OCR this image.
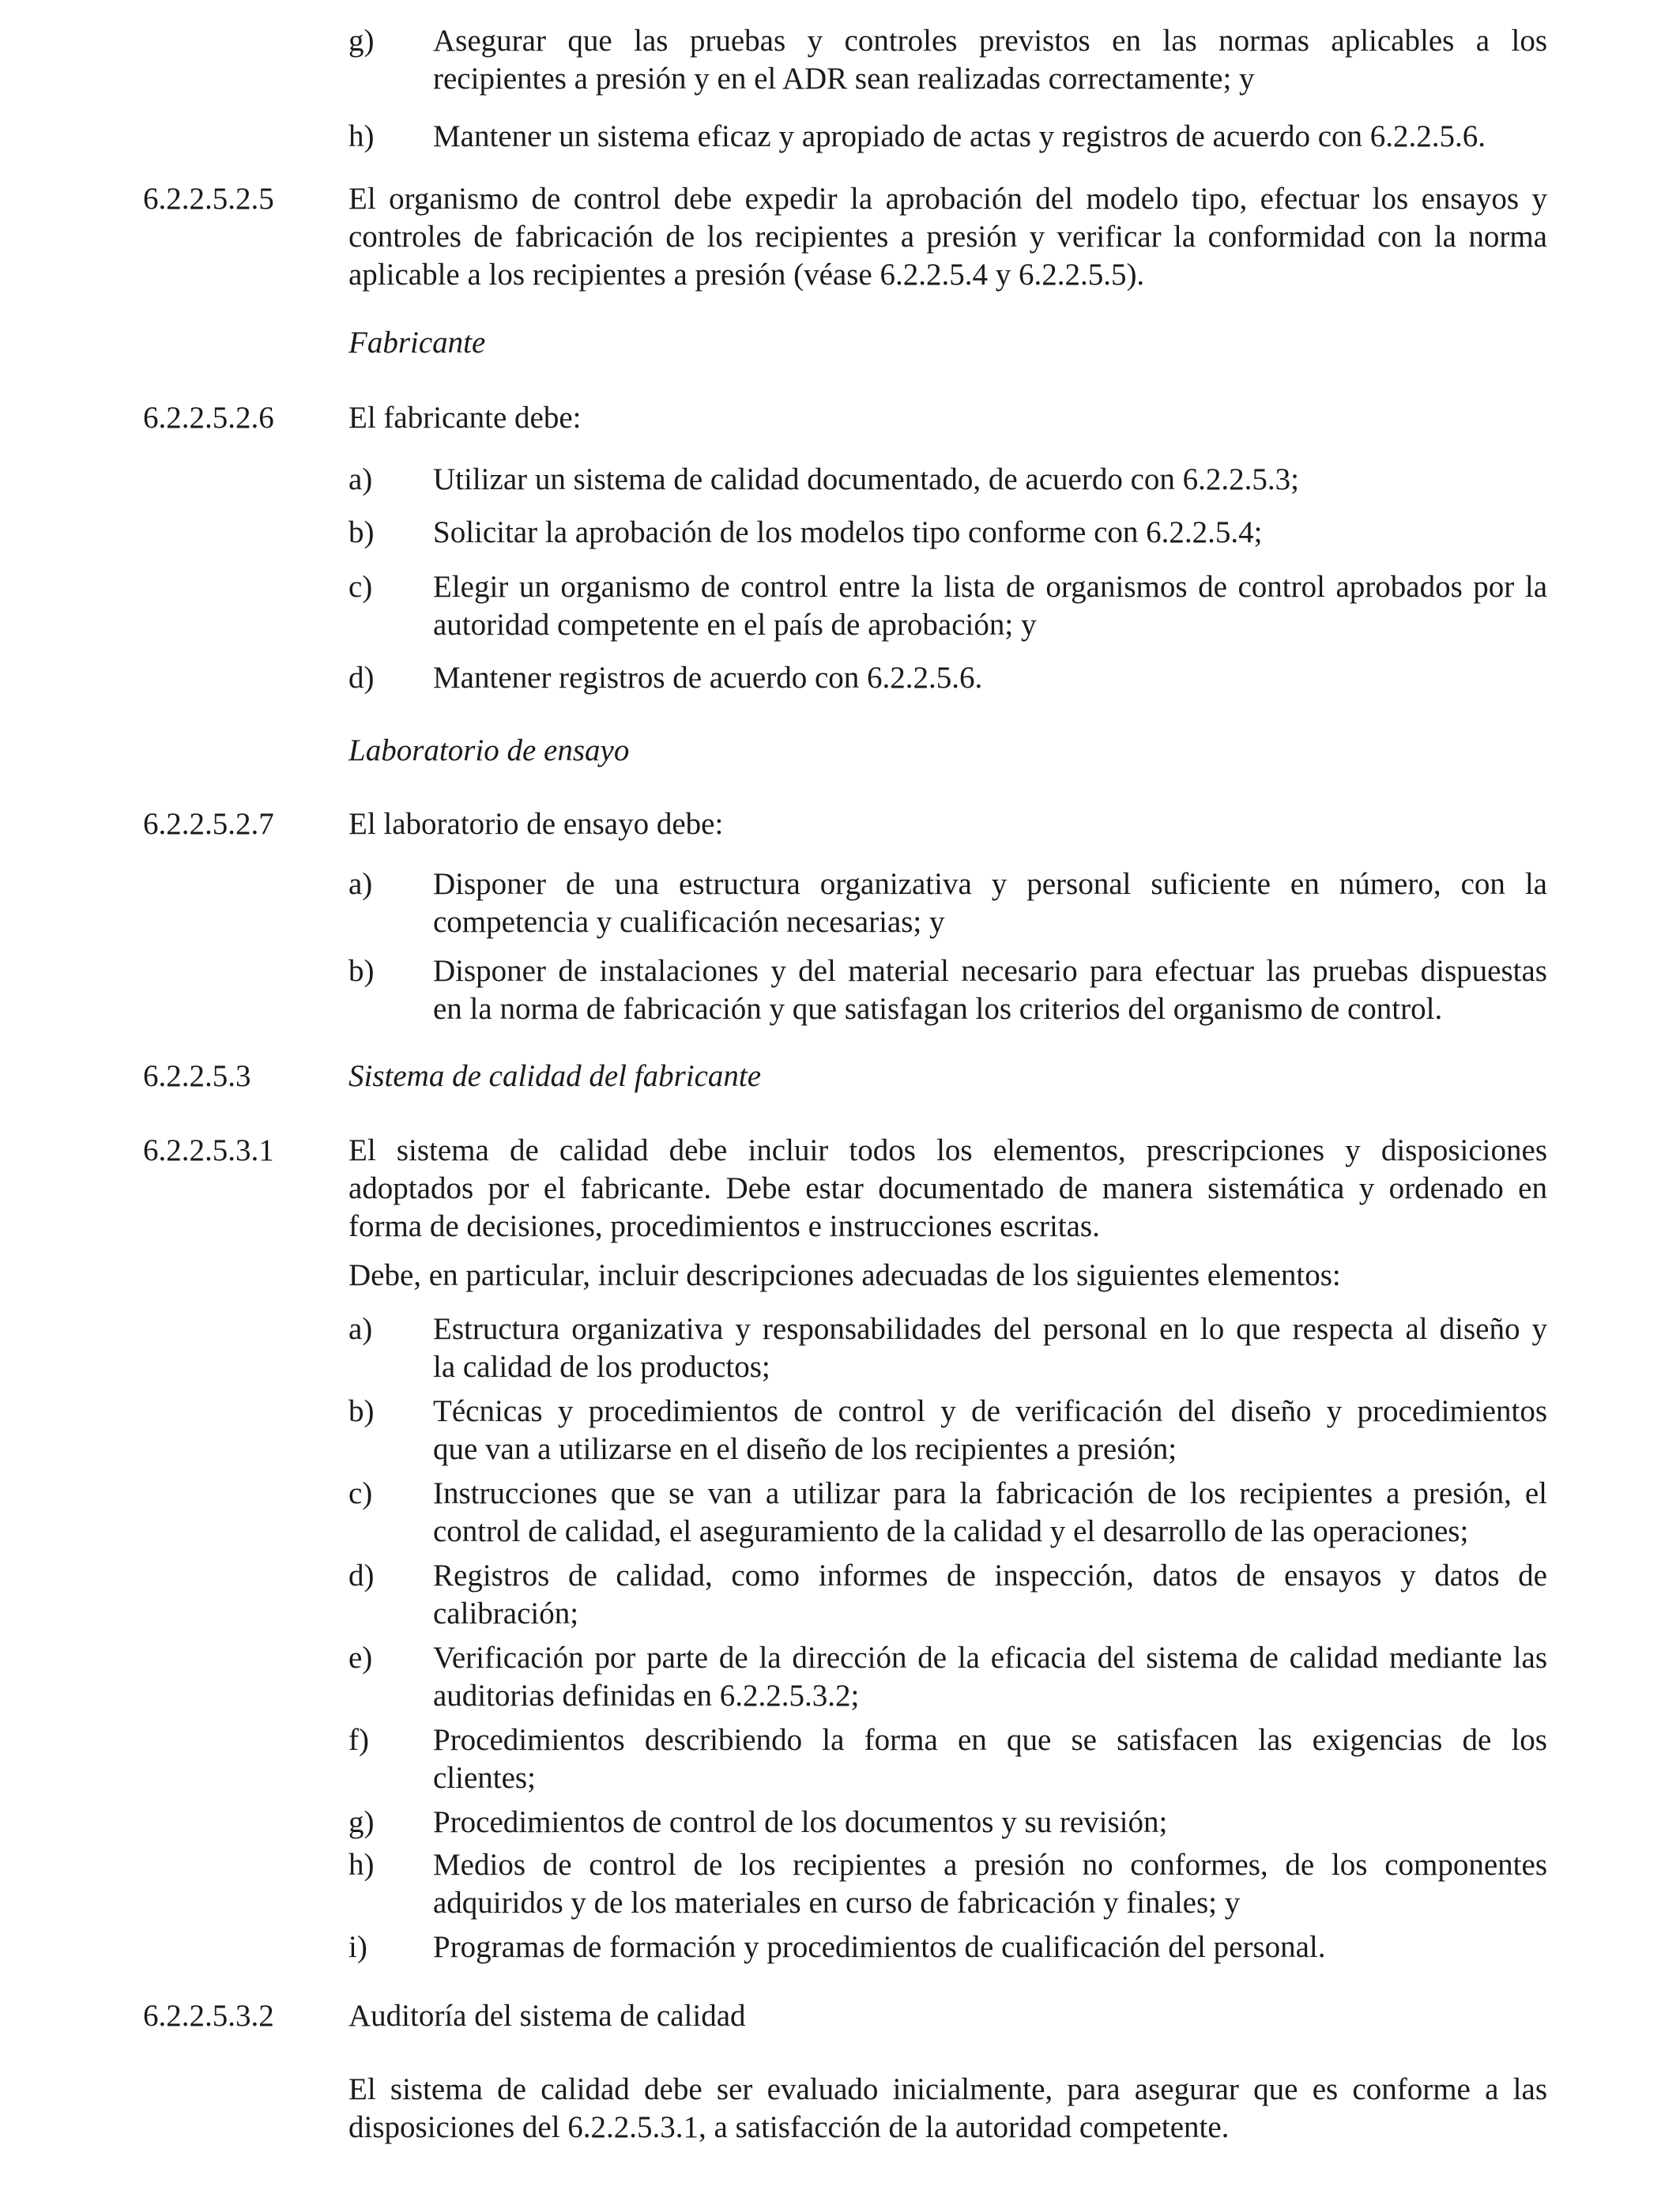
g) Asegurar que las pruebas y controles previstos en las normas aplicables a los
recipientes a presión y en el ADR sean realizadas correctamente; y
h) Mantener un sistema eficaz y apropiado de actas y registros de acuerdo con 6.2.2.5.6.
6.2.2.5.2.5 El organismo de control debe expedir la aprobación del modelo tipo, efectuar los ensayos y
controles de fabricación de los recipientes a presión y verificar la conformidad con la norma
aplicable a los recipientes a presión (véase 6.2.2.5.4 y 6.2.2.5.5).
Fabricante
6.2.2.5.2.6 El fabricante debe:
a) Utilizar un sistema de calidad documentado, de acuerdo con 6.2.2.5.3;
b) Solicitar la aprobación de los modelos tipo conforme con 6.2.2.5.4;
c) Elegir un organismo de control entre la lista de organismos de control aprobados por la
autoridad competente en el país de aprobación; y
d) Mantener registros de acuerdo con 6.2.2.5.6.
Laboratorio de ensayo
6.2.2.5.2.7 El laboratorio de ensayo debe:
a) Disponer de una estructura organizativa y personal suficiente en número, con la
competencia y cualificación necesarias; y
b) Disponer de instalaciones y del material necesario para efectuar las pruebas dispuestas
en la norma de fabricación y que satisfagan los criterios del organismo de control.
6.2.2.5.3	Sistema de calidad del fabricante
6.2.2.5.3.1 El sistema de calidad debe incluir todos los elementos, prescripciones y disposiciones
adoptados por el fabricante. Debe estar documentado de manera sistemática y ordenado en
forma de decisiones, procedimientos e instrucciones escritas.
Debe, en particular, incluir descripciones adecuadas de los siguientes elementos:
a) Estructura organizativa y responsabilidades del personal en lo que respecta al diseño y
la calidad de los productos;
b) Técnicas y procedimientos de control y de verificación del diseño y procedimientos
que van a utilizarse en el diseño de los recipientes a presión;
c) Instrucciones que se van a utilizar para la fabricación de los recipientes a presión, el
control de calidad, el aseguramiento de la calidad y el desarrollo de las operaciones;
d) Registros de calidad, como informes de inspección, datos de ensayos y datos de
calibración;
e) Verificación por parte de la dirección de la eficacia del sistema de calidad mediante las
auditorias definidas en 6.2.2.5.3.2;
f) Procedimientos describiendo la forma en que se satisfacen las exigencias de los
clientes;
g) Procedimientos de control de los documentos y su revisión;
h) Medios de control de los recipientes a presión no conformes, de los componentes
adquiridos y de los materiales en curso de fabricación y finales; y
i) Programas de formación y procedimientos de cualificación del personal.
6.2.2.5.3.2 Auditoría del sistema de calidad
El sistema de calidad debe ser evaluado inicialmente, para asegurar que es conforme a las
disposiciones del 6.2.2.5.3.1, a satisfacción de la autoridad competente.
